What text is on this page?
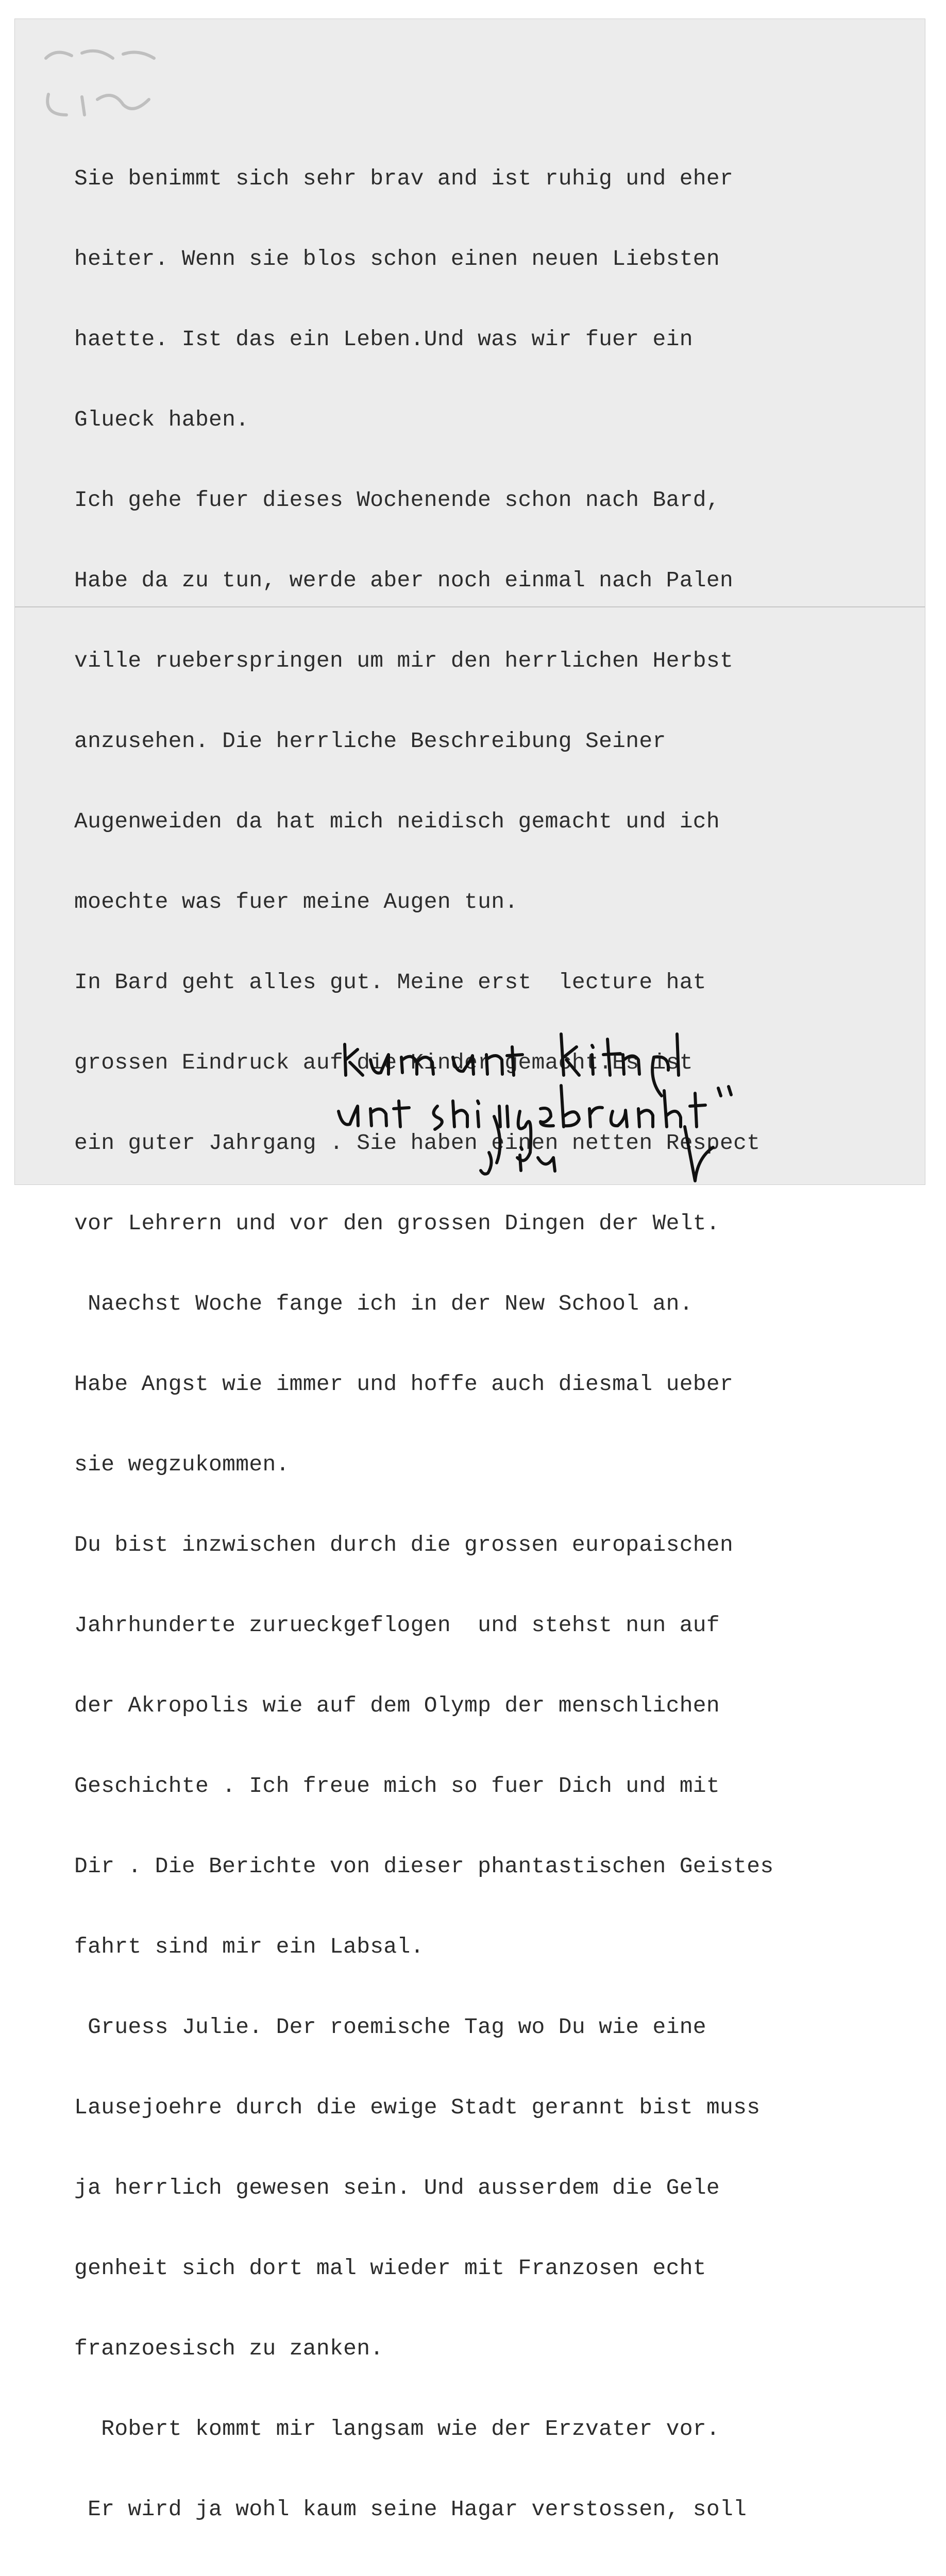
Sie benimmt sich sehr brav and ist ruhig und eher

heiter. Wenn sie blos schon einen neuen Liebsten

haette. Ist das ein Leben.Und was wir fuer ein

Glueck haben.

Ich gehe fuer dieses Wochenende schon nach Bard,

Habe da zu tun, werde aber noch einmal nach Palen

ville rueberspringen um mir den herrlichen Herbst

anzusehen. Die herrliche Beschreibung Seiner

Augenweiden da hat mich neidisch gemacht und ich

moechte was fuer meine Augen tun.

In Bard geht alles gut. Meine erst  lecture hat

grossen Eindruck auf die Kinder gemacht.Es ist

ein guter Jahrgang . Sie haben einen netten Respect

vor Lehrern und vor den grossen Dingen der Welt.

Naechst Woche fange ich in der New School an.

Habe Angst wie immer und hoffe auch diesmal ueber

sie wegzukommen.

Du bist inzwischen durch die grossen europaischen

Jahrhunderte zurueckgeflogen  und stehst nun auf

der Akropolis wie auf dem Olymp der menschlichen

Geschichte . Ich freue mich so fuer Dich und mit

Dir . Die Berichte von dieser phantastischen Geistes

fahrt sind mir ein Labsal.

Gruess Julie. Der roemische Tag wo Du wie eine

Lausejoehre durch die ewige Stadt gerannt bist muss

ja herrlich gewesen sein. Und ausserdem die Gele

genheit sich dort mal wieder mit Franzosen echt

franzoesisch zu zanken.

Robert kommt mir langsam wie der Erzvater vor.

Er wird ja wohl kaum seine Hagar verstossen, soll
